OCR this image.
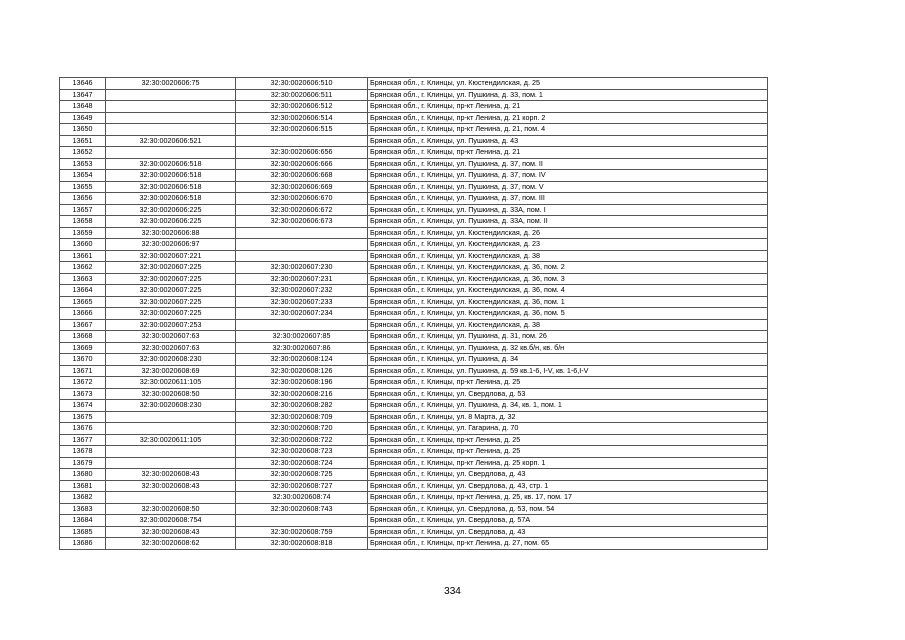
13646	32:30:0020606:75	32:30:0020606:510	Брянская обл., г. Клинцы, ул. Кюстендилская, д. 25
13647		32:30:0020606:511	Брянская обл., г. Клинцы, ул. Пушкина, д. 33, пом. 1
13648		32:30:0020606:512	Брянская обл., г. Клинцы, пр-кт Ленина, д. 21
13649		32:30:0020606:514	Брянская обл., г. Клинцы, пр-кт Ленина, д. 21 корп. 2
13650		32:30:0020606:515	Брянская обл., г. Клинцы, пр-кт Ленина, д. 21, пом. 4
13651	32:30:0020606:521		Брянская обл., г. Клинцы, ул. Пушкина, д. 43
13652		32:30:0020606:656	Брянская обл., г. Клинцы, пр-кт Ленина, д. 21
13653	32:30:0020606:518	32:30:0020606:666	Брянская обл., г. Клинцы, ул. Пушкина, д. 37, пом. II
13654	32:30:0020606:518	32:30:0020606:668	Брянская обл., г. Клинцы, ул. Пушкина, д. 37, пом. IV
13655	32:30:0020606:518	32:30:0020606:669	Брянская обл., г. Клинцы, ул. Пушкина, д. 37, пом. V
13656	32:30:0020606:518	32:30:0020606:670	Брянская обл., г. Клинцы, ул. Пушкина, д. 37, пом. III
13657	32:30:0020606:225	32:30:0020606:672	Брянская обл., г. Клинцы, ул. Пушкина, д. 33А, пом. I
13658	32:30:0020606:225	32:30:0020606:673	Брянская обл., г. Клинцы, ул. Пушкина, д. 33А, пом. II
13659	32:30:0020606:88		Брянская обл., г. Клинцы, ул. Кюстендилская, д. 26
13660	32:30:0020606:97		Брянская обл., г. Клинцы, ул. Кюстендилская, д. 23
13661	32:30:0020607:221		Брянская обл., г. Клинцы, ул. Кюстендилская, д. 38
13662	32:30:0020607:225	32:30:0020607:230	Брянская обл., г. Клинцы, ул. Кюстендилская, д. 36, пом. 2
13663	32:30:0020607:225	32:30:0020607:231	Брянская обл., г. Клинцы, ул. Кюстендилская, д. 36, пом. 3
13664	32:30:0020607:225	32:30:0020607:232	Брянская обл., г. Клинцы, ул. Кюстендилская, д. 36, пом. 4
13665	32:30:0020607:225	32:30:0020607:233	Брянская обл., г. Клинцы, ул. Кюстендилская, д. 36, пом. 1
13666	32:30:0020607:225	32:30:0020607:234	Брянская обл., г. Клинцы, ул. Кюстендилская, д. 36, пом. 5
13667	32:30:0020607:253		Брянская обл., г. Клинцы, ул. Кюстендилская, д. 38
13668	32:30:0020607:63	32:30:0020607:85	Брянская обл., г. Клинцы, ул. Пушкина, д. 31, пом. 26
13669	32:30:0020607:63	32:30:0020607:86	Брянская обл., г. Клинцы, ул. Пушкина, д. 32 кв.б/н, кв. б/н
13670	32:30:0020608:230	32:30:0020608:124	Брянская обл., г. Клинцы, ул. Пушкина, д. 34
13671	32:30:0020608:69	32:30:0020608:126	Брянская обл., г. Клинцы, ул. Пушкина, д. 59 кв.1-6, I-V, кв. 1-6,I-V
13672	32:30:0020611:105	32:30:0020608:196	Брянская обл., г. Клинцы, пр-кт Ленина, д. 25
13673	32:30:0020608:50	32:30:0020608:216	Брянская обл., г. Клинцы, ул. Свердлова, д. 53
13674	32:30:0020608:230	32:30:0020608:282	Брянская обл., г. Клинцы, ул. Пушкина, д. 34, кв. 1, пом. 1
13675		32:30:0020608:709	Брянская обл., г. Клинцы, ул. 8 Марта, д. 32
13676		32:30:0020608:720	Брянская обл., г. Клинцы, ул. Гагарина, д. 70
13677	32:30:0020611:105	32:30:0020608:722	Брянская обл., г. Клинцы, пр-кт Ленина, д. 25
13678		32:30:0020608:723	Брянская обл., г. Клинцы, пр-кт Ленина, д. 25
13679		32:30:0020608:724	Брянская обл., г. Клинцы, пр-кт Ленина, д. 25 корп. 1
13680	32:30:0020608:43	32:30:0020608:725	Брянская обл., г. Клинцы, ул. Свердлова, д. 43
13681	32:30:0020608:43	32:30:0020608:727	Брянская обл., г. Клинцы, ул. Свердлова, д. 43, стр. 1
13682		32:30:0020608:74	Брянская обл., г. Клинцы, пр-кт Ленина, д. 25, кв. 17, пом. 17
13683	32:30:0020608:50	32:30:0020608:743	Брянская обл., г. Клинцы, ул. Свердлова, д. 53, пом. 54
13684	32:30:0020608:754		Брянская обл., г. Клинцы, ул. Свердлова, д. 57А
13685	32:30:0020608:43	32:30:0020608:759	Брянская обл., г. Клинцы, ул. Свердлова, д. 43
13686	32:30:0020608:62	32:30:0020608:818	Брянская обл., г. Клинцы, пр-кт Ленина, д. 27, пом. 65
334
